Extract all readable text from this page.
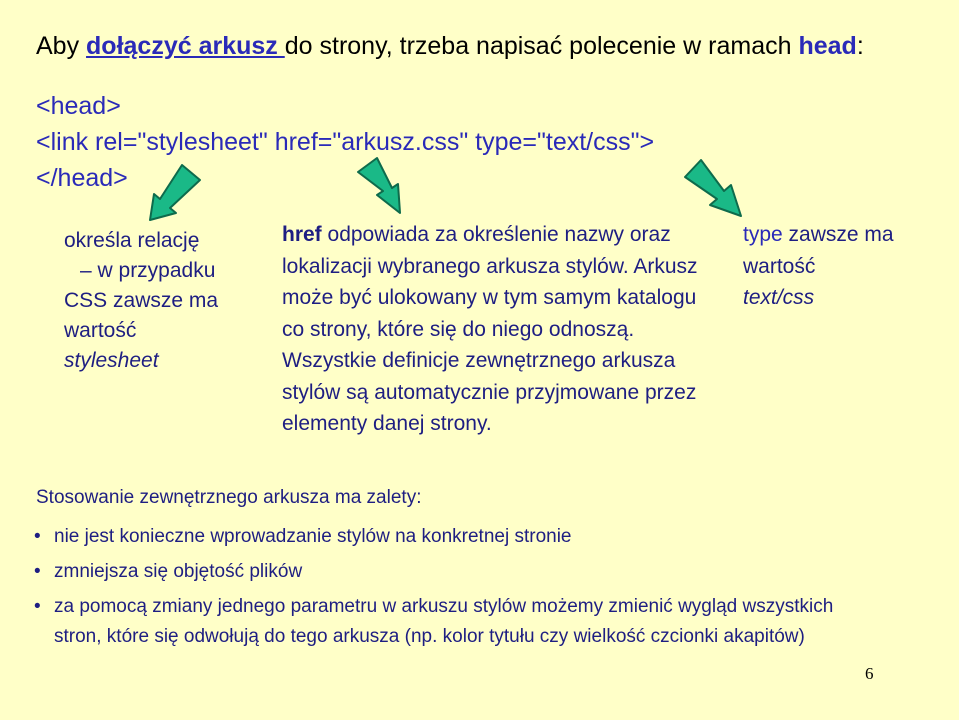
Aby dołączyć arkusz do strony, trzeba napisać polecenie w ramach head:
<head>
<link rel="stylesheet" href="arkusz.css" type="text/css">
</head>
określa relację
– w przypadku
CSS zawsze ma
wartość
stylesheet
href odpowiada za określenie nazwy oraz lokalizacji wybranego arkusza stylów. Arkusz może być ulokowany w tym samym katalogu co strony, które się do niego odnoszą. Wszystkie definicje zewnętrznego arkusza stylów są automatycznie przyjmowane przez elementy danej strony.
type zawsze ma wartość
text/css
Stosowanie zewnętrznego arkusza ma zalety:
• nie jest konieczne wprowadzanie stylów na konkretnej stronie
• zmniejsza się objętość plików
• za pomocą zmiany jednego parametru w arkuszu stylów możemy zmienić wygląd wszystkich stron, które się odwołują do tego arkusza (np. kolor tytułu czy wielkość czcionki akapitów)
6
